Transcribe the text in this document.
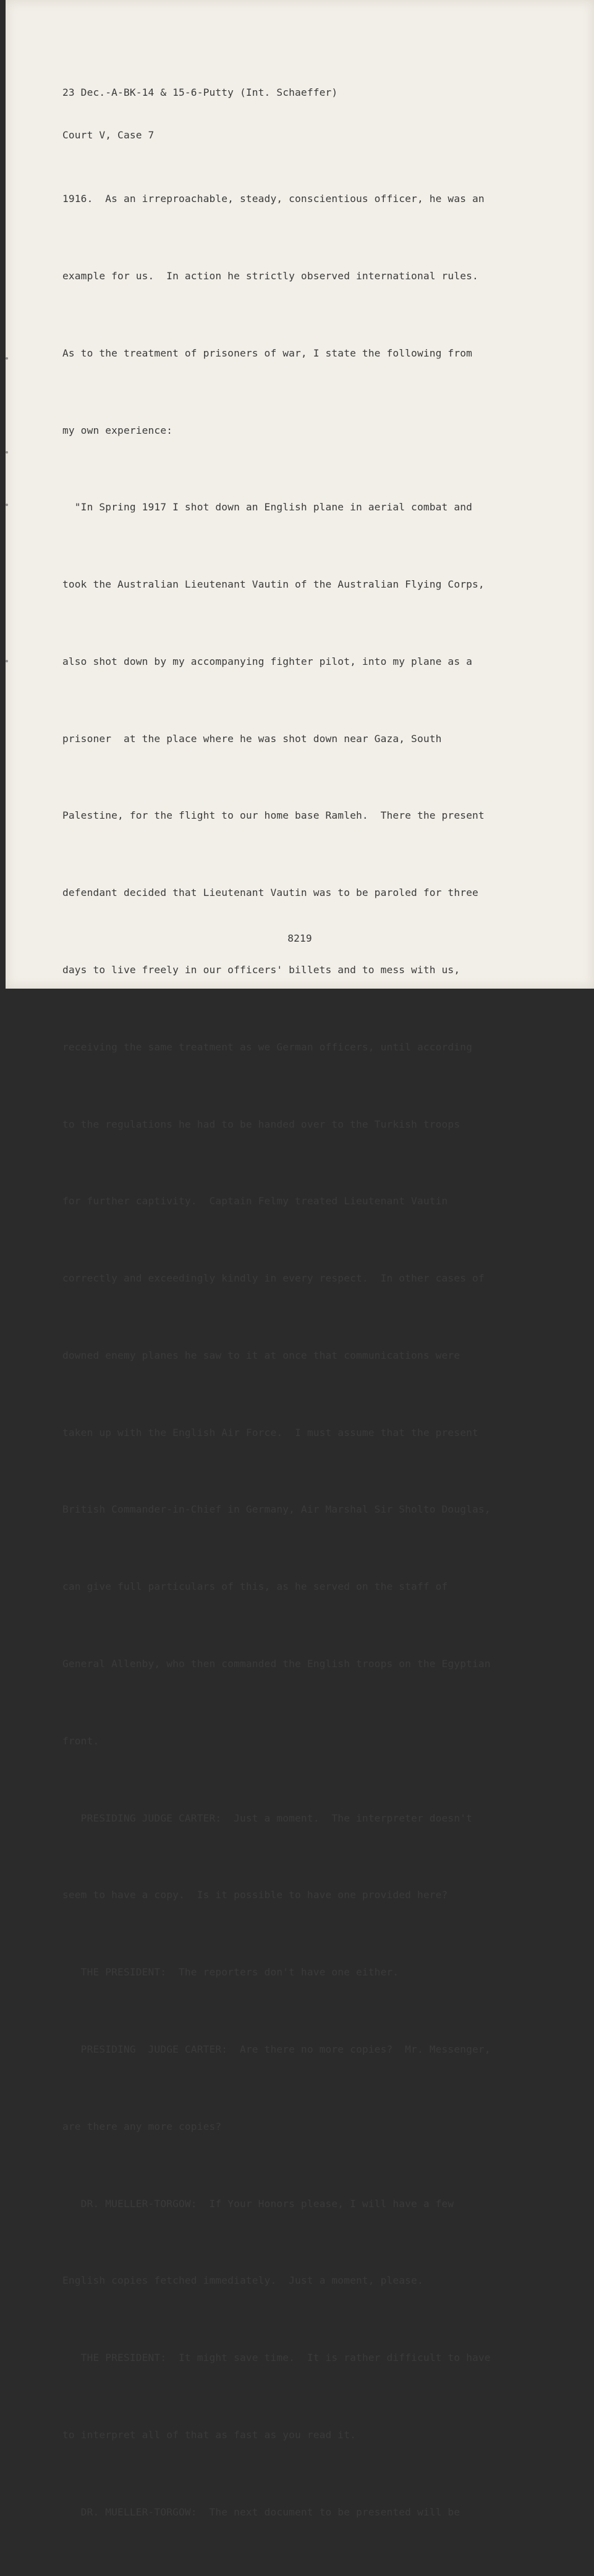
23 Dec.-A-BK-14 & 15-6-Putty (Int. Schaeffer)

Court V, Case 7

1916.  As an irreproachable, steady, conscientious officer, he was an

example for us.  In action he strictly observed international rules.

As to the treatment of prisoners of war, I state the following from

my own experience:

"In Spring 1917 I shot down an English plane in aerial combat and

took the Australian Lieutenant Vautin of the Australian Flying Corps,

also shot down by my accompanying fighter pilot, into my plane as a

prisoner  at the place where he was shot down near Gaza, South

Palestine, for the flight to our home base Ramleh.  There the present

defendant decided that Lieutenant Vautin was to be paroled for three

days to live freely in our officers' billets and to mess with us,

receiving the same treatment as we German officers, until according

to the regulations he had to be handed over to the Turkish troops

for further captivity.  Captain Felmy treated Lieutenant Vautin

correctly and exceedingly kindly in every respect.  In other cases of

downed enemy planes he saw to it at once that communications were

taken up with the English Air Force.  I must assume that the present

British Commander-in-Chief in Germany, Air Marshal Sir Sholto Douglas,

can give full particulars of this, as he served on the staff of

General Allenby, who then commanded the English troops on the Egyptian

front.

PRESIDING JUDGE CARTER:  Just a moment.  The interpreter doesn't

seem to have a copy.  Is it possible to have one provided here?

THE PRESIDENT:  The reporters don't have one either.

PRESIDING  JUDGE CARTER:  Are there no more copies?  Mr. Messenger,

are there any more copies?

DR. MUELLER-TORGOW:  If Your Honors please, I will have a few

English copies fetched immediately.  Just a moment, please.

THE PRESIDENT:  It might save time.  It is rather difficult to have

to interpret all of that as fast as you read it.

DR. MUELLER-TORGOW:  The next document to be presented will be

8219
